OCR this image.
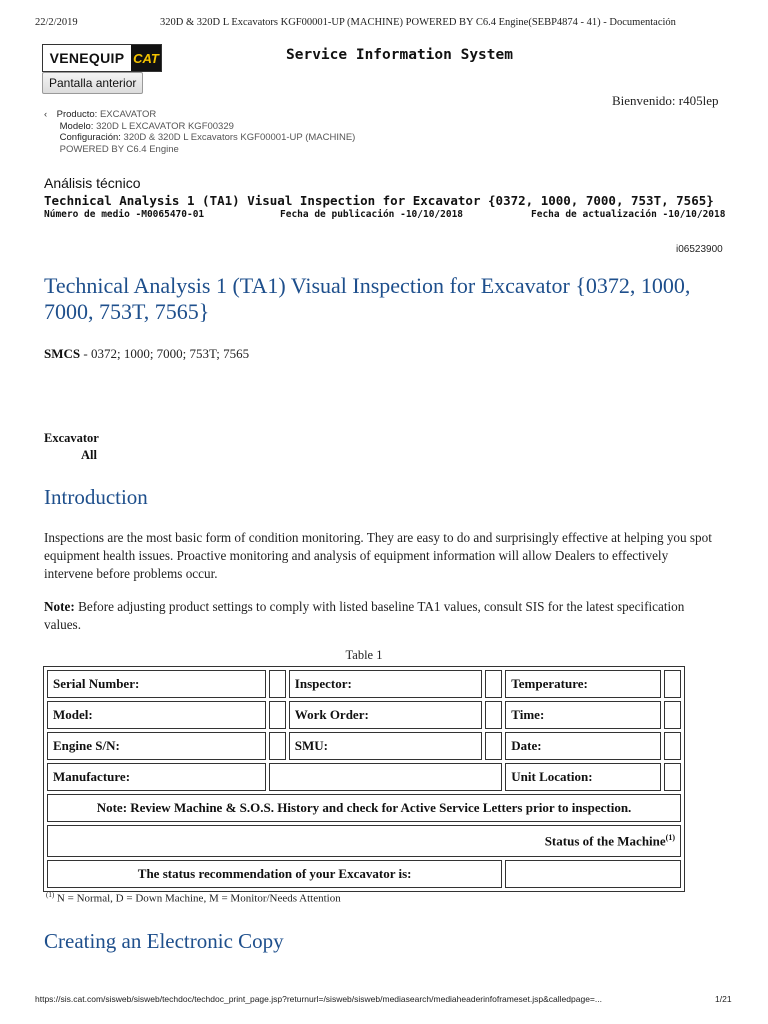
22/2/2019	320D & 320D L Excavators KGF00001-UP (MACHINE) POWERED BY C6.4 Engine(SEBP4874 - 41) - Documentación
VENEQUIP CAT	Service Information System
Pantalla anterior
Bienvenido: r405lep
‹ Producto: EXCAVATOR
Modelo: 320D L EXCAVATOR KGF00329
Configuración: 320D & 320D L Excavators KGF00001-UP (MACHINE)
POWERED BY C6.4 Engine
Análisis técnico
Technical Analysis 1 (TA1) Visual Inspection for Excavator {0372, 1000, 7000, 753T, 7565}
Número de medio -M0065470-01	Fecha de publicación -10/10/2018	Fecha de actualización -10/10/2018
i06523900
Technical Analysis 1 (TA1) Visual Inspection for Excavator {0372, 1000, 7000, 753T, 7565}
SMCS - 0372; 1000; 7000; 753T; 7565
Excavator
All
Introduction
Inspections are the most basic form of condition monitoring. They are easy to do and surprisingly effective at helping you spot equipment health issues. Proactive monitoring and analysis of equipment information will allow Dealers to effectively intervene before problems occur.
Note: Before adjusting product settings to comply with listed baseline TA1 values, consult SIS for the latest specification values.
Table 1
Serial Number:		Inspector:		Temperature:	
Model:		Work Order:		Time:	
Engine S/N:		SMU:		Date:	
Manufacture:				Unit Location:	
Note: Review Machine & S.O.S. History and check for Active Service Letters prior to inspection.					
Status of the Machine$^{(1)}$
The status recommendation of your Excavator is:					
$^{(1)}$ N = Normal, D = Down Machine, M = Monitor/Needs Attention
Creating an Electronic Copy
https://sis.cat.com/sisweb/sisweb/techdoc/techdoc_print_page.jsp?returnurl=/sisweb/sisweb/mediasearch/mediaheaderinfoframeset.jsp&calledpage=...	1/21
